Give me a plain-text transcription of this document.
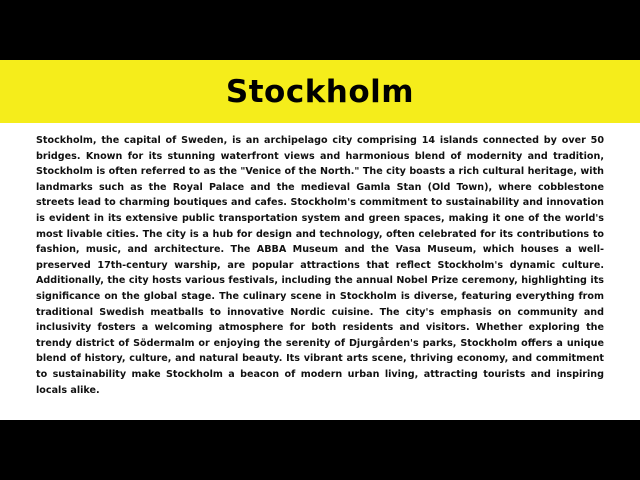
Stockholm

Stockholm, the capital of Sweden, is an archipelago city comprising 14 islands connected by over 50 bridges. Known for its stunning waterfront views and harmonious blend of modernity and tradition, Stockholm is often referred to as the "Venice of the North." The city boasts a rich cultural heritage, with landmarks such as the Royal Palace and the medieval Gamla Stan (Old Town), where cobblestone streets lead to charming boutiques and cafes. Stockholm's commitment to sustainability and innovation is evident in its extensive public transportation system and green spaces, making it one of the world's most livable cities. The city is a hub for design and technology, often celebrated for its contributions to fashion, music, and architecture. The ABBA Museum and the Vasa Museum, which houses a well-preserved 17th-century warship, are popular attractions that reflect Stockholm's dynamic culture. Additionally, the city hosts various festivals, including the annual Nobel Prize ceremony, highlighting its significance on the global stage. The culinary scene in Stockholm is diverse, featuring everything from traditional Swedish meatballs to innovative Nordic cuisine. The city's emphasis on community and inclusivity fosters a welcoming atmosphere for both residents and visitors. Whether exploring the trendy district of Södermalm or enjoying the serenity of Djurgården's parks, Stockholm offers a unique blend of history, culture, and natural beauty. Its vibrant arts scene, thriving economy, and commitment to sustainability make Stockholm a beacon of modern urban living, attracting tourists and inspiring locals alike.
